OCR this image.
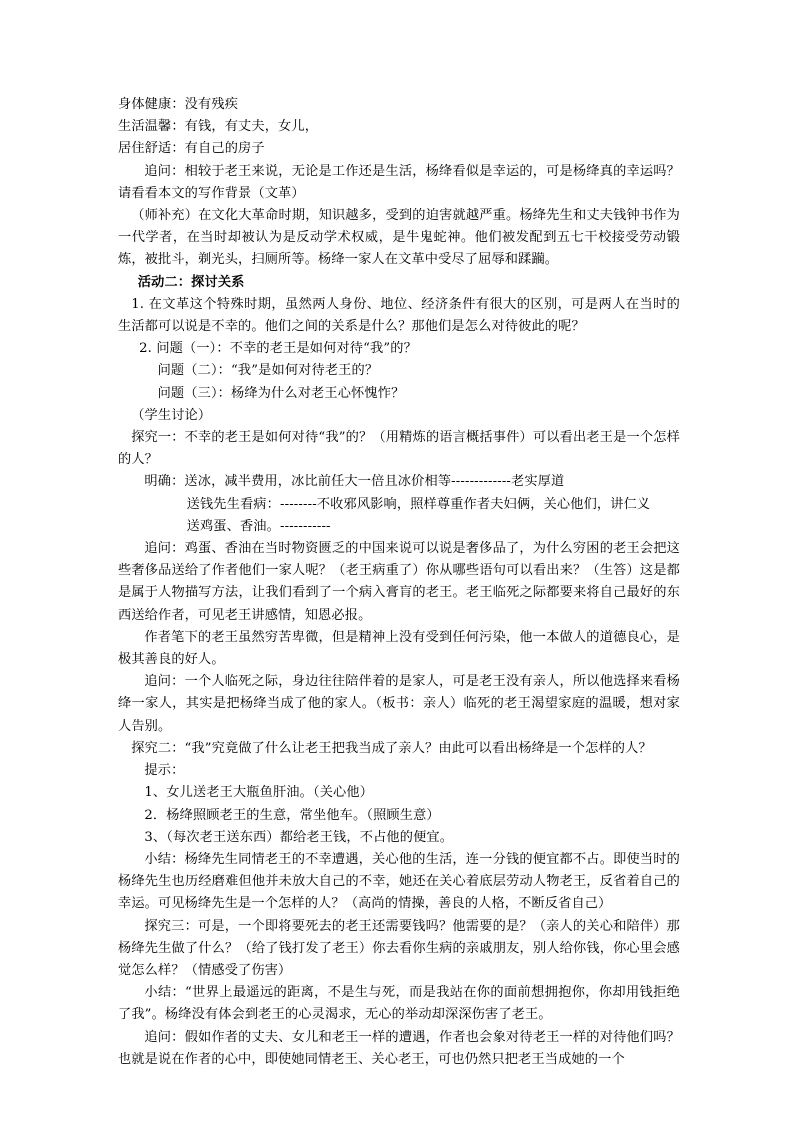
身体健康：没有残疾

生活温馨：有钱，有丈夫，女儿，

居住舒适：有自己的房子

追问：相较于老王来说，无论是工作还是生活，杨绛看似是幸运的，可是杨绛真的幸运吗？请看看本文的写作背景（文革）

（师补充）在文化大革命时期，知识越多，受到的迫害就越严重。杨绛先生和丈夫钱钟书作为一代学者，在当时却被认为是反动学术权威，是牛鬼蛇神。他们被发配到五七干校接受劳动锻炼，被批斗，剃光头，扫厕所等。杨绛一家人在文革中受尽了屈辱和蹂躏。

活动二：探讨关系

1. 在文革这个特殊时期，虽然两人身份、地位、经济条件有很大的区别，可是两人在当时的生活都可以说是不幸的。他们之间的关系是什么？那他们是怎么对待彼此的呢？

2. 问题（一）：不幸的老王是如何对待“我”的？

问题（二）：“我”是如何对待老王的？

问题（三）：杨绛为什么对老王心怀愧怍？

（学生讨论）

探究一：不幸的老王是如何对待“我”的？（用精炼的语言概括事件）可以看出老王是一个怎样的人？

明确：送冰，减半费用，冰比前任大一倍且冰价相等-------------老实厚道

送钱先生看病：--------不收邪风影响，照样尊重作者夫妇俩，关心他们，讲仁义

送鸡蛋、香油。-----------

追问：鸡蛋、香油在当时物资匮乏的中国来说可以说是奢侈品了，为什么穷困的老王会把这些奢侈品送给了作者他们一家人呢？（老王病重了）你从哪些语句可以看出来？（生答）这是都是属于人物描写方法，让我们看到了一个病入膏肓的老王。老王临死之际都要来将自己最好的东西送给作者，可见老王讲感情，知恩必报。

作者笔下的老王虽然穷苦卑微，但是精神上没有受到任何污染，他一本做人的道德良心，是极其善良的好人。

追问：一个人临死之际，身边往往陪伴着的是家人，可是老王没有亲人，所以他选择来看杨绛一家人，其实是把杨绛当成了他的家人。（板书：亲人）临死的老王渴望家庭的温暖，想对家人告别。

探究二：“我”究竟做了什么让老王把我当成了亲人？由此可以看出杨绛是一个怎样的人？

提示：

1、女儿送老王大瓶鱼肝油。（关心他）

2．杨绛照顾老王的生意，常坐他车。（照顾生意）

3、（每次老王送东西）都给老王钱，不占他的便宜。

小结：杨绛先生同情老王的不幸遭遇，关心他的生活，连一分钱的便宜都不占。即使当时的杨绛先生也历经磨难但他并未放大自己的不幸，她还在关心着底层劳动人物老王，反省着自己的幸运。可见杨绛先生是一个怎样的人？（高尚的情操，善良的人格，不断反省自己）

探究三：可是，一个即将要死去的老王还需要钱吗？他需要的是？（亲人的关心和陪伴）那杨绛先生做了什么？（给了钱打发了老王）你去看你生病的亲戚朋友，别人给你钱，你心里会感觉怎么样？（情感受了伤害）

小结：“世界上最遥远的距离，不是生与死，而是我站在你的面前想拥抱你，你却用钱拒绝了我”。杨绛没有体会到老王的心灵渴求，无心的举动却深深伤害了老王。

追问：假如作者的丈夫、女儿和老王一样的遭遇，作者也会象对待老王一样的对待他们吗？也就是说在作者的心中，即使她同情老王、关心老王，可也仍然只把老王当成她的一个
